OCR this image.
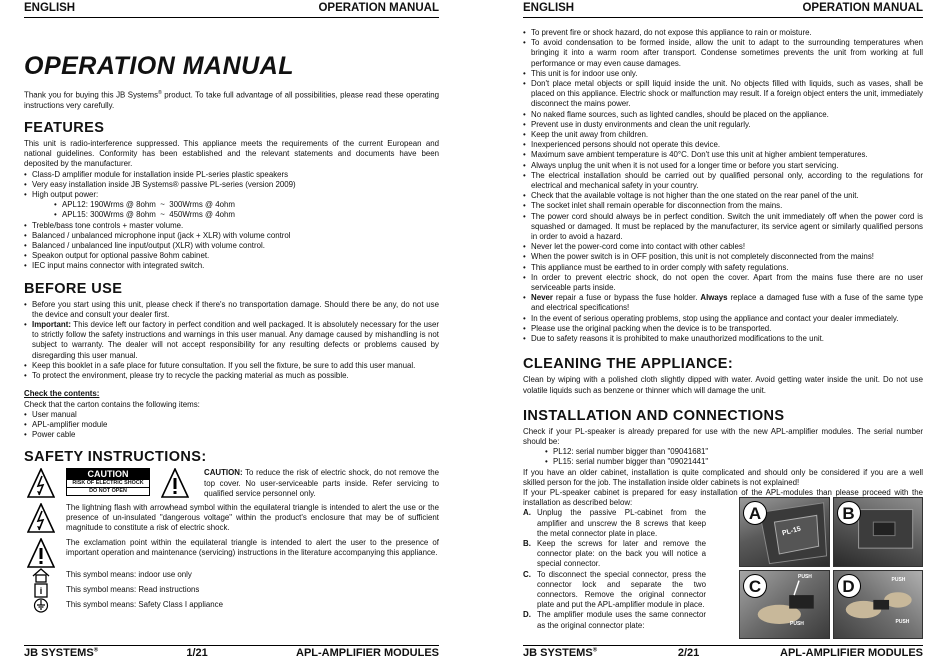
ENGLISH	OPERATION MANUAL
OPERATION MANUAL

Thank you for buying this JB Systems® product. To take full advantage of all possibilities, please read these operating instructions very carefully.

FEATURES

This unit is radio-interference suppressed. This appliance meets the requirements of the current European and national guidelines. Conformity has been established and the relevant statements and documents have been deposited by the manufacturer.

• Class-D amplifier module for installation inside PL-series plastic speakers
• Very easy installation inside JB Systems® passive PL-series (version 2009)
• High output power:
• APL12: 190Wrms @ 8ohm  ~  300Wrms @ 4ohm
• APL15: 300Wrms @ 8ohm  ~  450Wrms @ 4ohm
• Treble/bass tone controls + master volume.
• Balanced / unbalanced microphone input (jack + XLR) with volume control
• Balanced / unbalanced line input/output (XLR) with volume control.
• Speakon output for optional passive 8ohm cabinet.
• IEC input mains connector with integrated switch.
BEFORE USE
• Before you start using this unit, please check if there's no transportation damage. Should there be any, do not use the device and consult your dealer first.
• Important: This device left our factory in perfect condition and well packaged. It is absolutely necessary for the user to strictly follow the safety instructions and warnings in this user manual. Any damage caused by mishandling is not subject to warranty. The dealer will not accept responsibility for any resulting defects or problems caused by disregarding this user manual.
• Keep this booklet in a safe place for future consultation. If you sell the fixture, be sure to add this user manual.
• To protect the environment, please try to recycle the packing material as much as possible.

Check the contents:

Check that the carton contains the following items:

• User manual
• APL-amplifier module
• Power cable
SAFETY INSTRUCTIONS:
CAUTION
RISK OF ELECTRIC SHOCK
DO NOT OPEN

CAUTION: To reduce the risk of electric shock, do not remove the top cover. No user-serviceable parts inside. Refer servicing to qualified service personnel only.

The lightning flash with arrowhead symbol within the equilateral triangle is intended to alert the use or the presence of un-insulated "dangerous voltage" within the product's enclosure that may be of sufficient magnitude to constitute a risk of electric shock.

The exclamation point within the equilateral triangle is intended to alert the user to the presence of important operation and maintenance (servicing) instructions in the literature accompanying this appliance.

This symbol means: indoor use only
i	This symbol means: Read instructions
This symbol means: Safety Class I appliance
JB SYSTEMS®	1/21	APL-AMPLIFIER MODULES
ENGLISH	OPERATION MANUAL
• To prevent fire or shock hazard, do not expose this appliance to rain or moisture.
• To avoid condensation to be formed inside, allow the unit to adapt to the surrounding temperatures when bringing it into a warm room after transport. Condense sometimes prevents the unit from working at full performance or may even cause damages.
• This unit is for indoor use only.
• Don't place metal objects or spill liquid inside the unit. No objects filled with liquids, such as vases, shall be placed on this appliance. Electric shock or malfunction may result. If a foreign object enters the unit, immediately disconnect the mains power.
• No naked flame sources, such as lighted candles, should be placed on the appliance.
• Prevent use in dusty environments and clean the unit regularly.
• Keep the unit away from children.
• Inexperienced persons should not operate this device.
• Maximum save ambient temperature is 40°C. Don't use this unit at higher ambient temperatures.
• Always unplug the unit when it is not used for a longer time or before you start servicing.
• The electrical installation should be carried out by qualified personal only, according to the regulations for electrical and mechanical safety in your country.
• Check that the available voltage is not higher than the one stated on the rear panel of the unit.
• The socket inlet shall remain operable for disconnection from the mains.
• The power cord should always be in perfect condition. Switch the unit immediately off when the power cord is squashed or damaged. It must be replaced by the manufacturer, its service agent or similarly qualified persons in order to avoid a hazard.
• Never let the power-cord come into contact with other cables!
• When the power switch is in OFF position, this unit is not completely disconnected from the mains!
• This appliance must be earthed to in order comply with safety regulations.
• In order to prevent electric shock, do not open the cover. Apart from the mains fuse there are no user serviceable parts inside.
• Never repair a fuse or bypass the fuse holder. Always replace a damaged fuse with a fuse of the same type and electrical specifications!
• In the event of serious operating problems, stop using the appliance and contact your dealer immediately.
• Please use the original packing when the device is to be transported.
• Due to safety reasons it is prohibited to make unauthorized modifications to the unit.
CLEANING THE APPLIANCE:

Clean by wiping with a polished cloth slightly dipped with water. Avoid getting water inside the unit. Do not use volatile liquids such as benzene or thinner which will damage the unit.

INSTALLATION AND CONNECTIONS

Check if your PL-speaker is already prepared for use with the new APL-amplifier modules. The serial number should be:

• PL12: serial number bigger than "09041681"
• PL15: serial number bigger than "09021441"

If you have an older cabinet, installation is quite complicated and should only be considered if you are a well skilled person for the job. The installation inside older cabinets is not explained!

If your PL-speaker cabinet is prepared for easy installation of the APL-modules than please proceed with the installation as described below:

A. Unplug the passive PL-cabinet from the amplifier and unscrew the 8 screws that keep the metal connector plate in place.
B. Keep the screws for later and remove the connector plate: on the back you will notice a special connector.
C. To disconnect the special connector, press the connector lock and separate the two connectors. Remove the original connector plate and put the APL-amplifier module in place.
D. The amplifier module uses the same connector as the original connector plate:
PL-15
A	B
PUSH
PUSH
C	PUSH
PUSH
D
JB SYSTEMS®	2/21	APL-AMPLIFIER MODULES
